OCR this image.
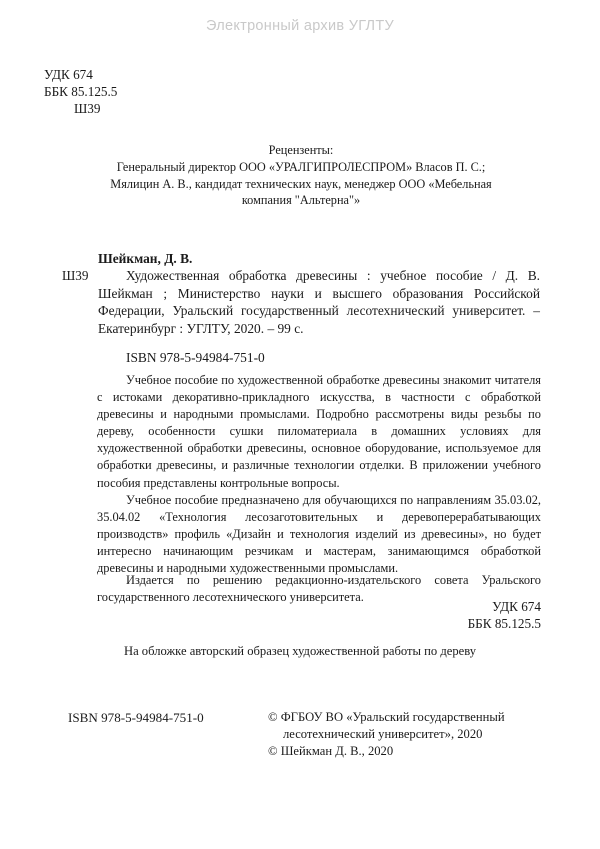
Электронный архив УГЛТУ
УДК 674
ББК 85.125.5
Ш39
Рецензенты:
Генеральный директор ООО «УРАЛГИПРОЛЕСПРОМ» Власов П. С.;
Мялицин А. В., кандидат технических наук, менеджер ООО «Мебельная
компания "Альтерна"»
Шейкман, Д. В.
Ш39	Художественная обработка древесины : учебное пособие / Д. В. Шейкман ; Министерство науки и высшего образования Российской Федерации, Уральский государственный лесотехнический университет. – Екатеринбург : УГЛТУ, 2020. – 99 с.
ISBN 978-5-94984-751-0

Учебное пособие по художественной обработке древесины знакомит читателя с истоками декоративно-прикладного искусства, в частности с обработкой древесины и народными промыслами. Подробно рассмотрены виды резьбы по дереву, особенности сушки пиломатериала в домашних условиях для художественной обработки древесины, основное оборудование, используемое для обработки древесины, и различные технологии отделки. В приложении учебного пособия представлены контрольные вопросы.

Учебное пособие предназначено для обучающихся по направлениям 35.03.02, 35.04.02 «Технология лесозаготовительных и деревоперерабатывающих производств» профиль «Дизайн и технология изделий из древесины», но будет интересно начинающим резчикам и мастерам, занимающимся обработкой древесины и народными художественными промыслами.

Издается по решению редакционно-издательского совета Уральского государственного лесотехнического университета.

УДК 674
ББК 85.125.5
На обложке авторский образец художественной работы по дереву
ISBN 978-5-94984-751-0	© ФГБОУ ВО «Уральский государственный
лесотехнический университет», 2020
© Шейкман Д. В., 2020
